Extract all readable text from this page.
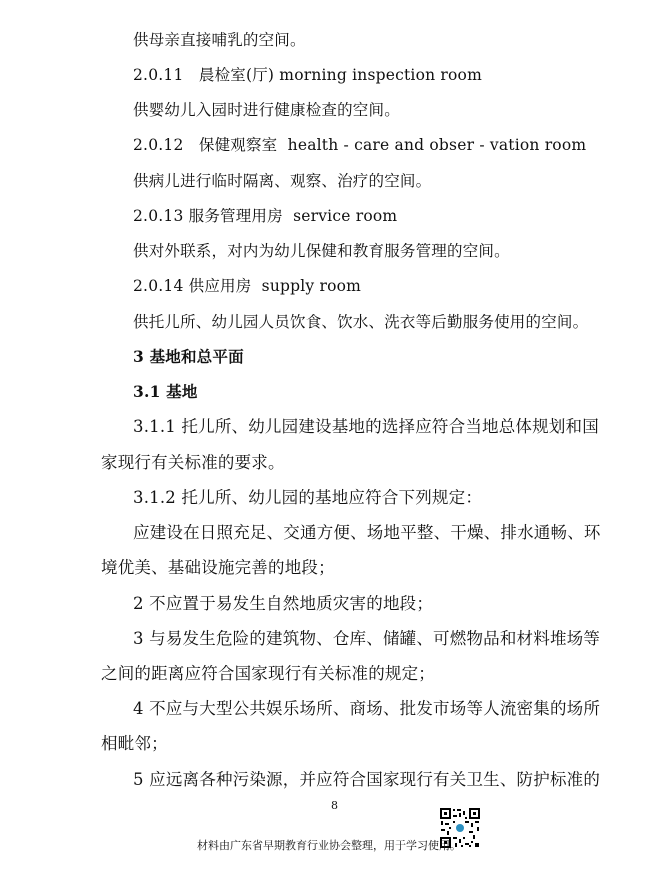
供母亲直接哺乳的空间。
2.0.11   晨检室(厅) morning inspection room
供婴幼儿入园时进行健康检查的空间。
2.0.12   保健观察室  health - care and obser - vation room
供病儿进行临时隔离、观察、治疗的空间。
2.0.13 服务管理用房  service room
供对外联系，对内为幼儿保健和教育服务管理的空间。
2.0.14 供应用房  supply room
供托儿所、幼儿园人员饮食、饮水、洗衣等后勤服务使用的空间。
3 基地和总平面
3.1 基地
3.1.1 托儿所、幼儿园建设基地的选择应符合当地总体规划和国
家现行有关标准的要求。
3.1.2 托儿所、幼儿园的基地应符合下列规定：
应建设在日照充足、交通方便、场地平整、干燥、排水通畅、环
境优美、基础设施完善的地段；
2 不应置于易发生自然地质灾害的地段；
3 与易发生危险的建筑物、仓库、储罐、可燃物品和材料堆场等
之间的距离应符合国家现行有关标准的规定；
4 不应与大型公共娱乐场所、商场、批发市场等人流密集的场所
相毗邻；
5 应远离各种污染源，并应符合国家现行有关卫生、防护标准的
8
材料由广东省早期教育行业协会整理，用于学习使用。
